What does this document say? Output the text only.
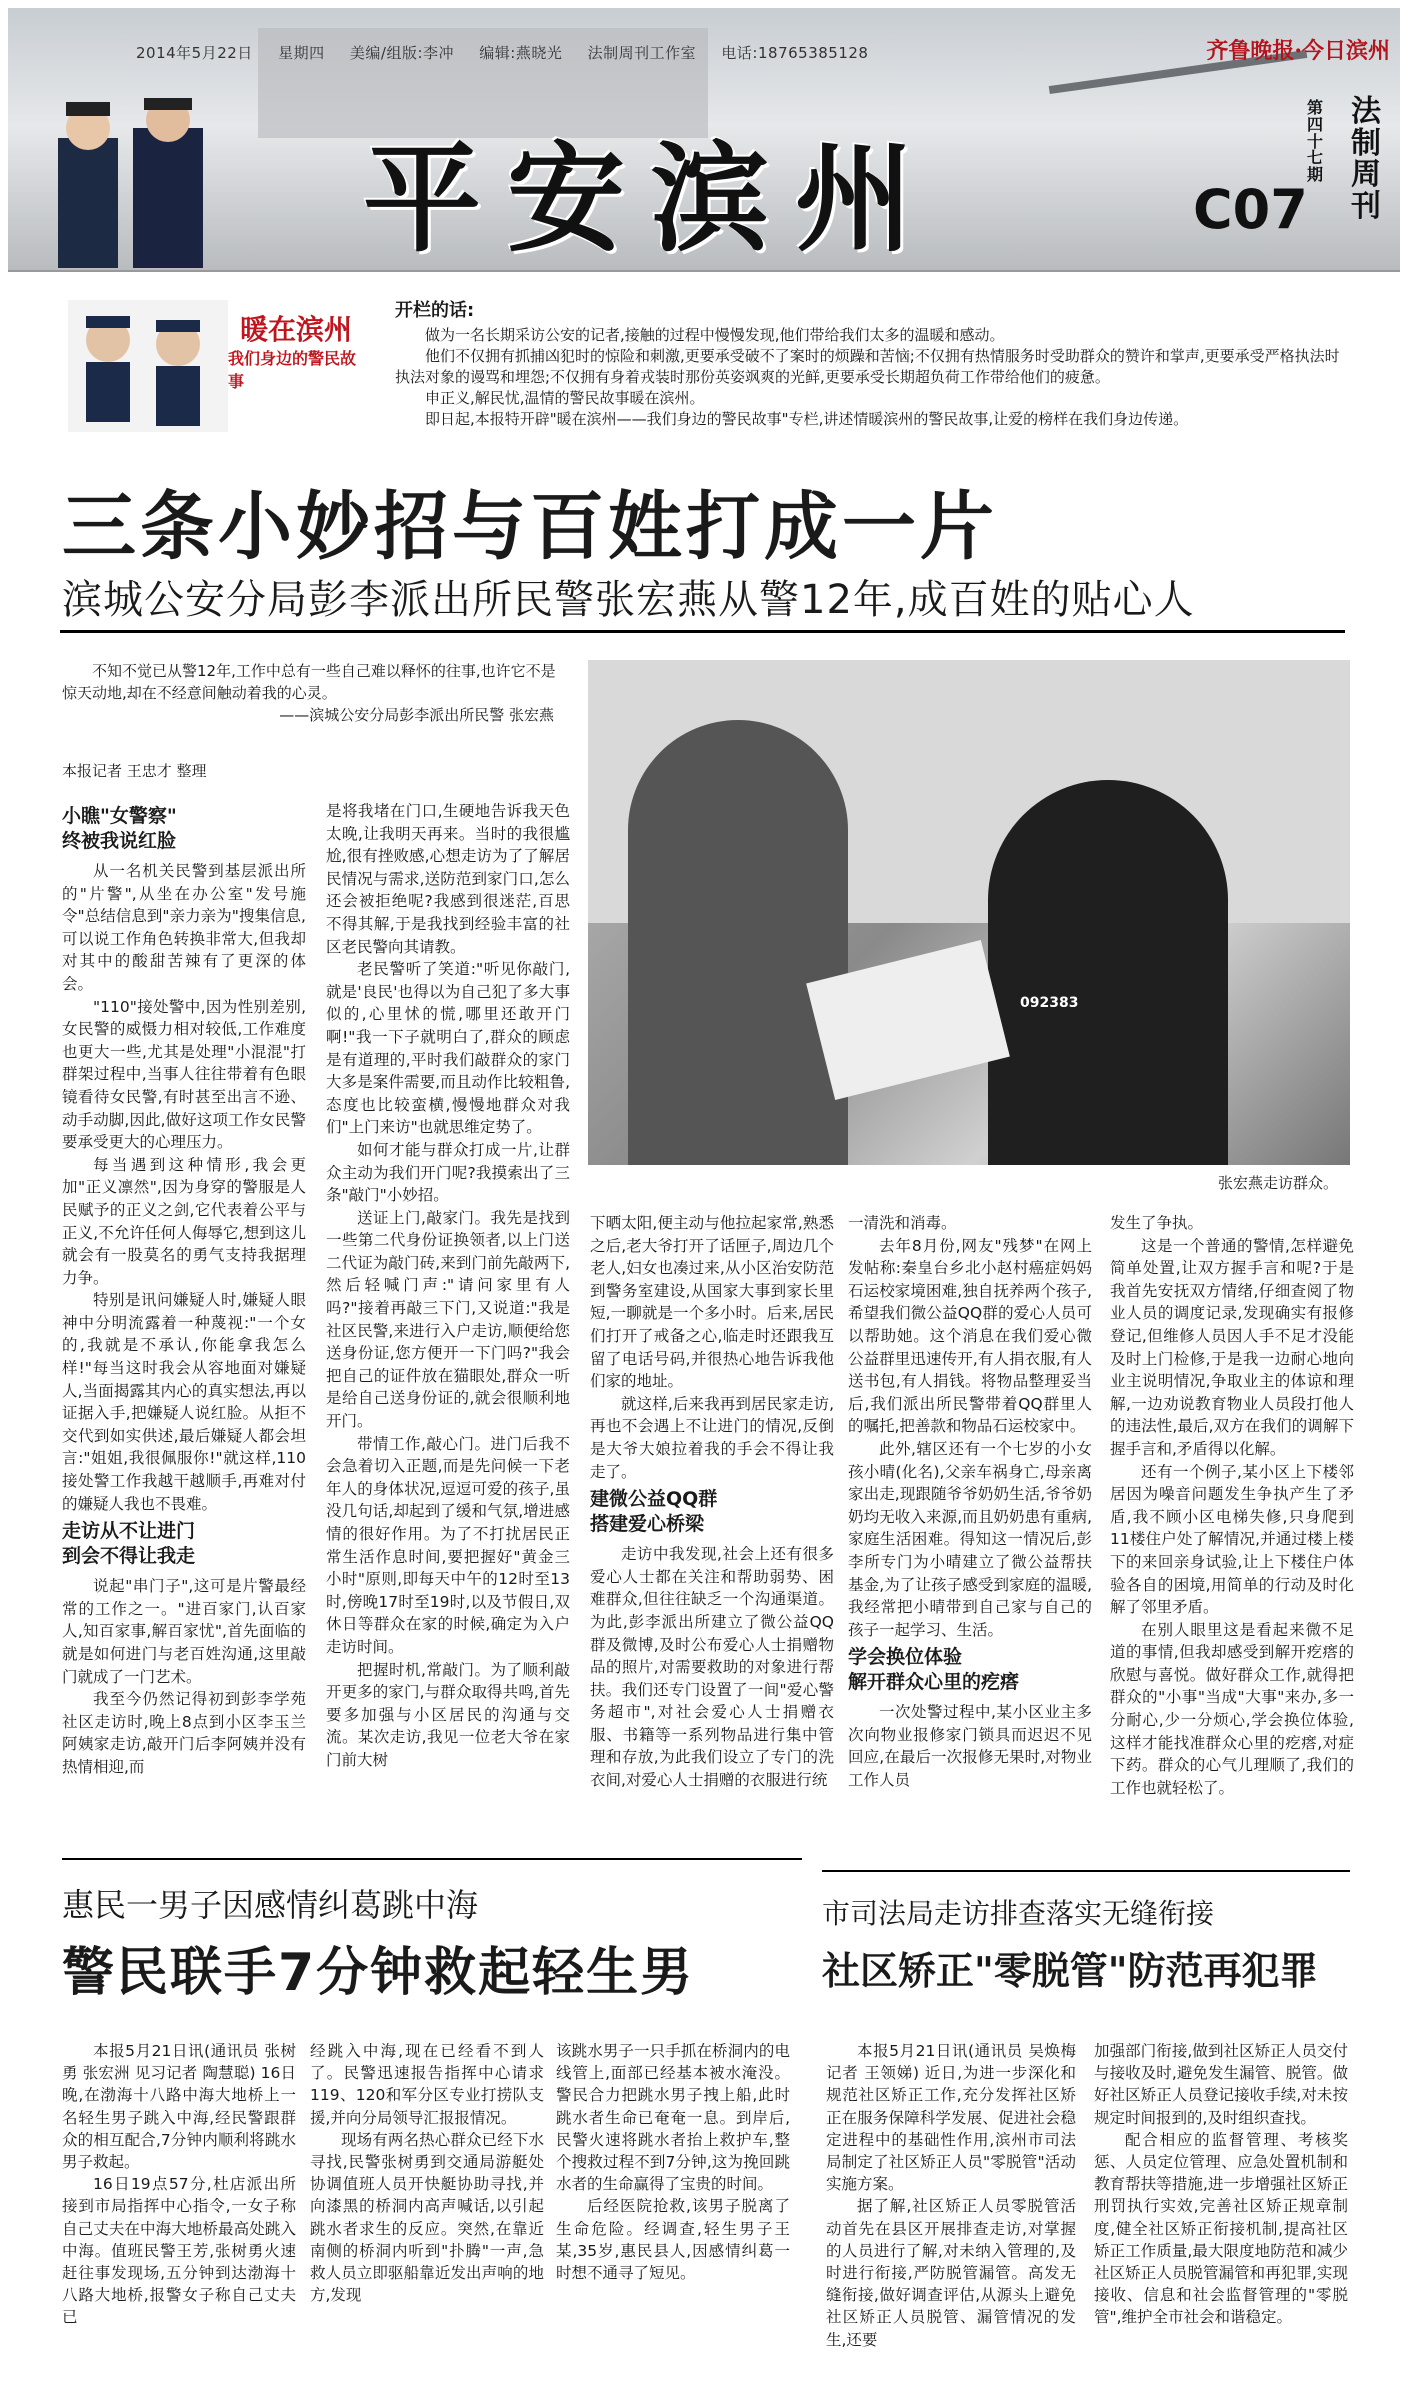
2014年5月22日 星期四 美编/组版:李冲 编辑:燕晓光 法制周刊工作室 电话:18765385128	齐鲁晚报·今日滨州
平安滨州
第四十七期
法制周刊
C07
暖在滨州
我们身边的警民故事
开栏的话:

做为一名长期采访公安的记者,接触的过程中慢慢发现,他们带给我们太多的温暖和感动。

他们不仅拥有抓捕凶犯时的惊险和刺激,更要承受破不了案时的烦躁和苦恼;不仅拥有热情服务时受助群众的赞许和掌声,更要承受严格执法时执法对象的谩骂和埋怨;不仅拥有身着戎装时那份英姿飒爽的光鲜,更要承受长期超负荷工作带给他们的疲惫。

申正义,解民忧,温情的警民故事暖在滨州。

即日起,本报特开辟"暖在滨州——我们身边的警民故事"专栏,讲述情暖滨州的警民故事,让爱的榜样在我们身边传递。

三条小妙招与百姓打成一片
滨城公安分局彭李派出所民警张宏燕从警12年,成百姓的贴心人

不知不觉已从警12年,工作中总有一些自己难以释怀的往事,也许它不是惊天动地,却在不经意间触动着我的心灵。

——滨城公安分局彭李派出所民警 张宏燕
本报记者 王忠才 整理
092383
张宏燕走访群众。
小瞧"女警察"
终被我说红脸

从一名机关民警到基层派出所的"片警",从坐在办公室"发号施令"总结信息到"亲力亲为"搜集信息,可以说工作角色转换非常大,但我却对其中的酸甜苦辣有了更深的体会。

"110"接处警中,因为性别差别,女民警的威慑力相对较低,工作难度也更大一些,尤其是处理"小混混"打群架过程中,当事人往往带着有色眼镜看待女民警,有时甚至出言不逊、动手动脚,因此,做好这项工作女民警要承受更大的心理压力。

每当遇到这种情形,我会更加"正义凛然",因为身穿的警服是人民赋予的正义之剑,它代表着公平与正义,不允许任何人侮辱它,想到这儿就会有一股莫名的勇气支持我据理力争。

特别是讯问嫌疑人时,嫌疑人眼神中分明流露着一种蔑视:"一个女的,我就是不承认,你能拿我怎么样!"每当这时我会从容地面对嫌疑人,当面揭露其内心的真实想法,再以证据入手,把嫌疑人说红脸。从拒不交代到如实供述,最后嫌疑人都会坦言:"姐姐,我很佩服你!"就这样,110接处警工作我越干越顺手,再难对付的嫌疑人我也不畏难。

走访从不让进门
到会不得让我走

说起"串门子",这可是片警最经常的工作之一。"进百家门,认百家人,知百家事,解百家忧",首先面临的就是如何进门与老百姓沟通,这里敲门就成了一门艺术。

我至今仍然记得初到彭李学苑社区走访时,晚上8点到小区李玉兰阿姨家走访,敲开门后李阿姨并没有热情相迎,而

是将我堵在门口,生硬地告诉我天色太晚,让我明天再来。当时的我很尴尬,很有挫败感,心想走访为了了解居民情况与需求,送防范到家门口,怎么还会被拒绝呢?我感到很迷茫,百思不得其解,于是我找到经验丰富的社区老民警向其请教。

老民警听了笑道:"听见你敲门,就是'良民'也得以为自己犯了多大事似的,心里怵的慌,哪里还敢开门啊!"我一下子就明白了,群众的顾虑是有道理的,平时我们敲群众的家门大多是案件需要,而且动作比较粗鲁,态度也比较蛮横,慢慢地群众对我们"上门来访"也就思维定势了。

如何才能与群众打成一片,让群众主动为我们开门呢?我摸索出了三条"敲门"小妙招。

送证上门,敲家门。我先是找到一些第二代身份证换领者,以上门送二代证为敲门砖,来到门前先敲两下,然后轻喊门声:"请问家里有人吗?"接着再敲三下门,又说道:"我是社区民警,来进行入户走访,顺便给您送身份证,您方便开一下门吗?"我会把自己的证件放在猫眼处,群众一听是给自己送身份证的,就会很顺利地开门。

带情工作,敲心门。进门后我不会急着切入正题,而是先问候一下老年人的身体状况,逗逗可爱的孩子,虽没几句话,却起到了缓和气氛,增进感情的很好作用。为了不打扰居民正常生活作息时间,要把握好"黄金三小时"原则,即每天中午的12时至13时,傍晚17时至19时,以及节假日,双休日等群众在家的时候,确定为入户走访时间。

把握时机,常敲门。为了顺利敲开更多的家门,与群众取得共鸣,首先要多加强与小区居民的沟通与交流。某次走访,我见一位老大爷在家门前大树

下晒太阳,便主动与他拉起家常,熟悉之后,老大爷打开了话匣子,周边几个老人,妇女也凑过来,从小区治安防范到警务室建设,从国家大事到家长里短,一聊就是一个多小时。后来,居民们打开了戒备之心,临走时还跟我互留了电话号码,并很热心地告诉我他们家的地址。

就这样,后来我再到居民家走访,再也不会遇上不让进门的情况,反倒是大爷大娘拉着我的手会不得让我走了。

建微公益QQ群
搭建爱心桥梁

走访中我发现,社会上还有很多爱心人士都在关注和帮助弱势、困难群众,但往往缺乏一个沟通渠道。为此,彭李派出所建立了微公益QQ群及微博,及时公布爱心人士捐赠物品的照片,对需要救助的对象进行帮扶。我们还专门设置了一间"爱心警务超市",对社会爱心人士捐赠衣服、书籍等一系列物品进行集中管理和存放,为此我们设立了专门的洗衣间,对爱心人士捐赠的衣服进行统

一清洗和消毒。

去年8月份,网友"残梦"在网上发帖称:秦皇台乡北小赵村癌症妈妈石运校家境困难,独自抚养两个孩子,希望我们微公益QQ群的爱心人员可以帮助她。这个消息在我们爱心微公益群里迅速传开,有人捐衣服,有人送书包,有人捐钱。将物品整理妥当后,我们派出所民警带着QQ群里人的嘱托,把善款和物品石运校家中。

此外,辖区还有一个七岁的小女孩小晴(化名),父亲车祸身亡,母亲离家出走,现跟随爷爷奶奶生活,爷爷奶奶均无收入来源,而且奶奶患有重病,家庭生活困难。得知这一情况后,彭李所专门为小晴建立了微公益帮扶基金,为了让孩子感受到家庭的温暖,我经常把小晴带到自己家与自己的孩子一起学习、生活。

学会换位体验
解开群众心里的疙瘩

一次处警过程中,某小区业主多次向物业报修家门锁具而迟迟不见回应,在最后一次报修无果时,对物业工作人员

发生了争执。

这是一个普通的警情,怎样避免简单处置,让双方握手言和呢?于是我首先安抚双方情绪,仔细查阅了物业人员的调度记录,发现确实有报修登记,但维修人员因人手不足才没能及时上门检修,于是我一边耐心地向业主说明情况,争取业主的体谅和理解,一边劝说教育物业人员段打他人的违法性,最后,双方在我们的调解下握手言和,矛盾得以化解。

还有一个例子,某小区上下楼邻居因为噪音问题发生争执产生了矛盾,我不顾小区电梯失修,只身爬到11楼住户处了解情况,并通过楼上楼下的来回亲身试验,让上下楼住户体验各自的困境,用简单的行动及时化解了邻里矛盾。

在别人眼里这是看起来微不足道的事情,但我却感受到解开疙瘩的欣慰与喜悦。做好群众工作,就得把群众的"小事"当成"大事"来办,多一分耐心,少一分烦心,学会换位体验,这样才能找准群众心里的疙瘩,对症下药。群众的心气儿理顺了,我们的工作也就轻松了。

惠民一男子因感情纠葛跳中海
警民联手7分钟救起轻生男

本报5月21日讯(通讯员 张树勇 张宏洲 见习记者 陶慧聪) 16日晚,在渤海十八路中海大地桥上一名轻生男子跳入中海,经民警跟群众的相互配合,7分钟内顺利将跳水男子救起。

16日19点57分,杜店派出所接到市局指挥中心指令,一女子称自己丈夫在中海大地桥最高处跳入中海。值班民警王芳,张树勇火速赶往事发现场,五分钟到达渤海十八路大地桥,报警女子称自己丈夫已

经跳入中海,现在已经看不到人了。民警迅速报告指挥中心请求119、120和军分区专业打捞队支援,并向分局领导汇报报情况。

现场有两名热心群众已经下水寻找,民警张树勇到交通局游艇处协调值班人员开快艇协助寻找,并向漆黑的桥洞内高声喊话,以引起跳水者求生的反应。突然,在靠近南侧的桥洞内听到"扑腾"一声,急救人员立即驱船靠近发出声响的地方,发现

该跳水男子一只手抓在桥洞内的电线管上,面部已经基本被水淹没。警民合力把跳水男子拽上船,此时跳水者生命已奄奄一息。到岸后,民警火速将跳水者抬上救护车,整个搜救过程不到7分钟,这为挽回跳水者的生命赢得了宝贵的时间。

后经医院抢救,该男子脱离了生命危险。经调查,轻生男子王某,35岁,惠民县人,因感情纠葛一时想不通寻了短见。

市司法局走访排查落实无缝衔接
社区矫正"零脱管"防范再犯罪

本报5月21日讯(通讯员 吴焕梅 记者 王领娣) 近日,为进一步深化和规范社区矫正工作,充分发挥社区矫正在服务保障科学发展、促进社会稳定进程中的基础性作用,滨州市司法局制定了社区矫正人员"零脱管"活动实施方案。

据了解,社区矫正人员零脱管活动首先在县区开展排查走访,对掌握的人员进行了解,对未纳入管理的,及时进行衔接,严防脱管漏管。高发无缝衔接,做好调查评估,从源头上避免社区矫正人员脱管、漏管情况的发生,还要

加强部门衔接,做到社区矫正人员交付与接收及时,避免发生漏管、脱管。做好社区矫正人员登记接收手续,对未按规定时间报到的,及时组织查找。

配合相应的监督管理、考核奖惩、人员定位管理、应急处置机制和教育帮扶等措施,进一步增强社区矫正刑罚执行实效,完善社区矫正规章制度,健全社区矫正衔接机制,提高社区矫正工作质量,最大限度地防范和减少社区矫正人员脱管漏管和再犯罪,实现接收、信息和社会监督管理的"零脱管",维护全市社会和谐稳定。
